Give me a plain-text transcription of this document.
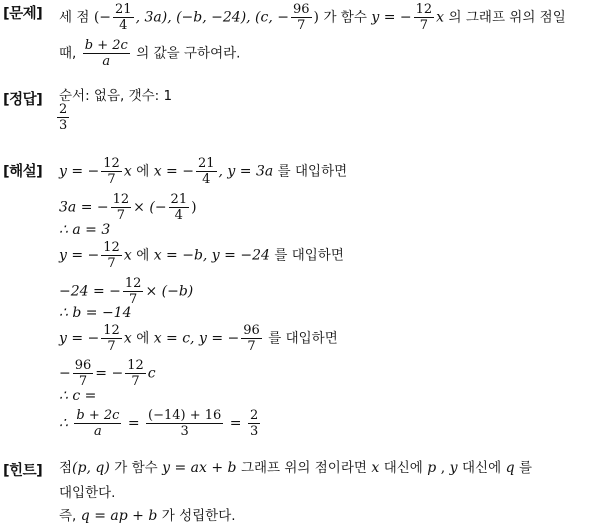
[문제]
[정답]
[해설]
[힌트]
세 점 (− $\frac{21}{4}$ , 3a), (−b, −24), (c, − $\frac{96}{7}$ ) 가 함수 y = − $\frac{12}{7}$ x 의 그래프 위의 점일
때, $\frac{b + 2c}{a}$ 의 값을 구하여라.
순서: 없음, 갯수: 1
$\frac{2}{3}$
y = − $\frac{12}{7}$ x 에 x = − $\frac{21}{4}$ , y = 3a 를 대입하면
3a = − $\frac{12}{7}$ × (− $\frac{21}{4}$ )
∴ a = 3
y = − $\frac{12}{7}$ x 에 x = −b, y = −24 를 대입하면
−24 = − $\frac{12}{7} \times (-b)$
∴ b = −14
y = − $\frac{12}{7}$ x 에 x = c, y = − $\frac{96}{7}$ 를 대입하면
− $\frac{96}{7}$ = − $\frac{12}{7}$ c
∴ c =
∴ $\frac{b + 2c}{a} = \frac{(-14) + 16}{3} = \frac{2}{3}$
점(p, q) 가 함수 y = ax + b 그래프 위의 점이라면 x 대신에 p , y 대신에 q 를
대입한다.
즉, q = ap + b 가 성립한다.
